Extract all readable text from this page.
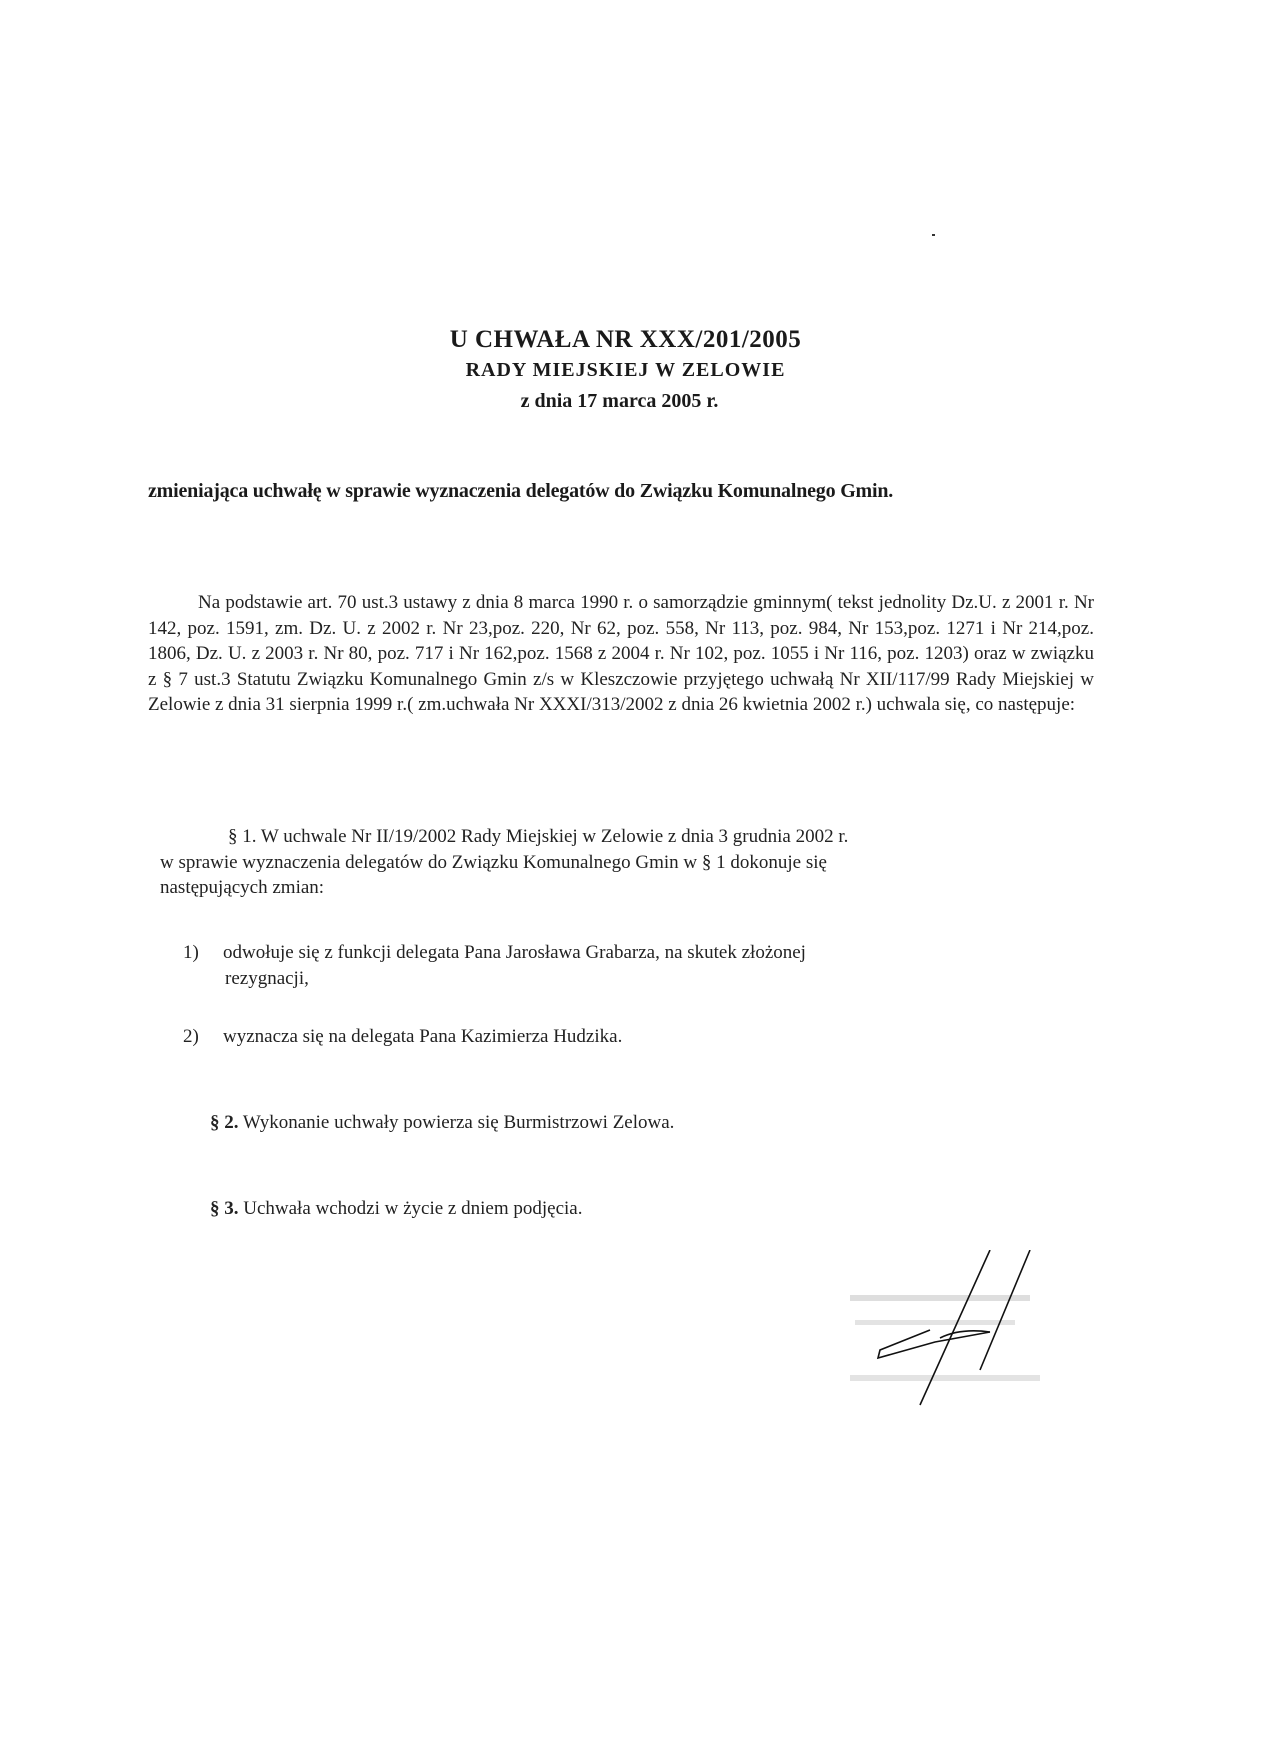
U CHWAŁA NR XXX/201/2005
RADY MIEJSKIEJ W ZELOWIE
z dnia 17 marca 2005 r.
zmieniająca uchwałę w sprawie wyznaczenia delegatów do Związku Komunalnego Gmin.
Na podstawie art. 70 ust.3 ustawy z dnia 8 marca 1990 r. o samorządzie gminnym( tekst jednolity Dz.U. z 2001 r. Nr 142, poz. 1591, zm. Dz. U. z 2002 r. Nr 23,poz. 220, Nr 62, poz. 558, Nr 113, poz. 984, Nr 153,poz. 1271 i Nr 214,poz. 1806, Dz. U. z 2003 r. Nr 80, poz. 717 i Nr 162,poz. 1568 z 2004 r. Nr 102, poz. 1055 i Nr 116, poz. 1203) oraz w związku z § 7 ust.3 Statutu Związku Komunalnego Gmin z/s w Kleszczowie przyjętego uchwałą Nr XII/117/99 Rady Miejskiej w Zelowie z dnia 31 sierpnia 1999 r.( zm.uchwała Nr XXXI/313/2002 z dnia 26 kwietnia 2002 r.) uchwala się, co następuje:
§ 1. W uchwale Nr II/19/2002 Rady Miejskiej w Zelowie z dnia 3 grudnia 2002 r.
w sprawie wyznaczenia delegatów do Związku Komunalnego Gmin w § 1 dokonuje się
następujących zmian:
1) odwołuje się z funkcji delegata Pana Jarosława Grabarza, na skutek złożonej
rezygnacji,
2) wyznacza się na delegata Pana Kazimierza Hudzika.
§ 2. Wykonanie uchwały powierza się Burmistrzowi Zelowa.
§ 3. Uchwała wchodzi w życie z dniem podjęcia.
